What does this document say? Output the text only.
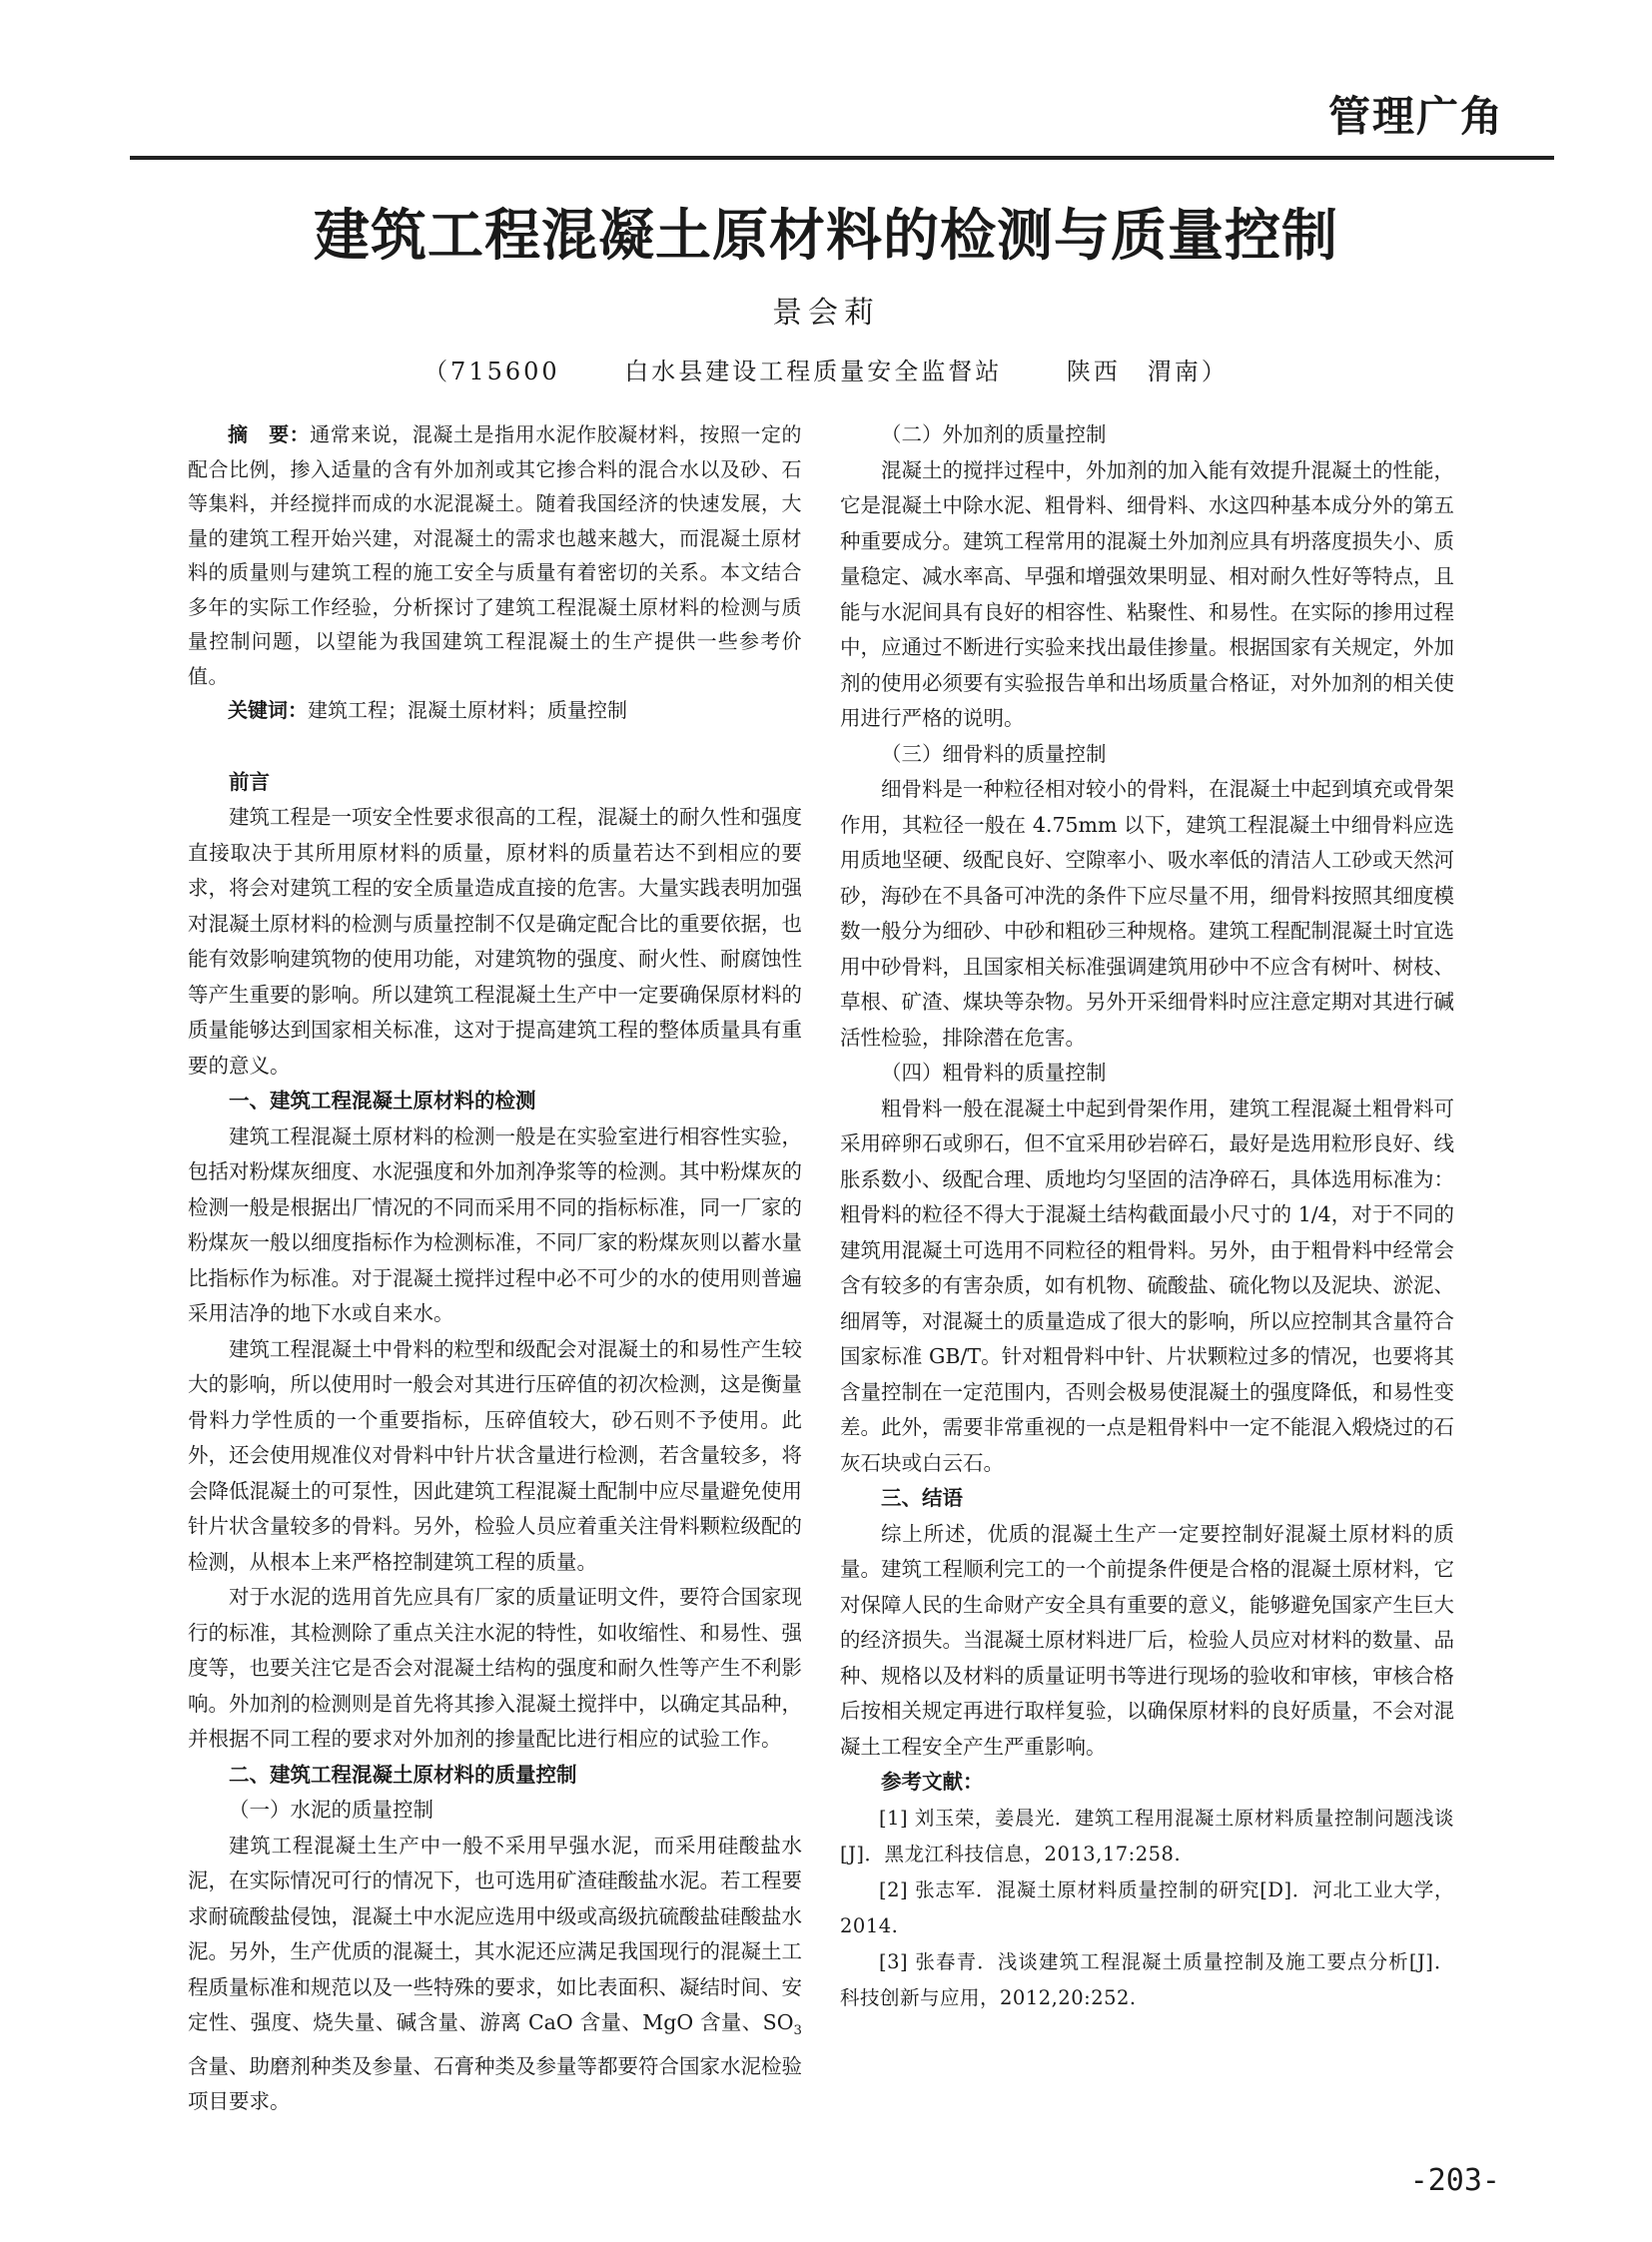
管理广角
建筑工程混凝土原材料的检测与质量控制
景会莉
（715600　　 白水县建设工程质量安全监督站　　 陕西　渭南）

摘　要：通常来说，混凝土是指用水泥作胶凝材料，按照一定的配合比例，掺入适量的含有外加剂或其它掺合料的混合水以及砂、石等集料，并经搅拌而成的水泥混凝土。随着我国经济的快速发展，大量的建筑工程开始兴建，对混凝土的需求也越来越大，而混凝土原材料的质量则与建筑工程的施工安全与质量有着密切的关系。本文结合多年的实际工作经验，分析探讨了建筑工程混凝土原材料的检测与质量控制问题，以望能为我国建筑工程混凝土的生产提供一些参考价值。

关键词：建筑工程；混凝土原材料；质量控制

前言

建筑工程是一项安全性要求很高的工程，混凝土的耐久性和强度直接取决于其所用原材料的质量，原材料的质量若达不到相应的要求，将会对建筑工程的安全质量造成直接的危害。大量实践表明加强对混凝土原材料的检测与质量控制不仅是确定配合比的重要依据，也能有效影响建筑物的使用功能，对建筑物的强度、耐火性、耐腐蚀性等产生重要的影响。所以建筑工程混凝土生产中一定要确保原材料的质量能够达到国家相关标准，这对于提高建筑工程的整体质量具有重要的意义。

一、建筑工程混凝土原材料的检测

建筑工程混凝土原材料的检测一般是在实验室进行相容性实验，包括对粉煤灰细度、水泥强度和外加剂净浆等的检测。其中粉煤灰的检测一般是根据出厂情况的不同而采用不同的指标标准，同一厂家的粉煤灰一般以细度指标作为检测标准，不同厂家的粉煤灰则以蓄水量比指标作为标准。对于混凝土搅拌过程中必不可少的水的使用则普遍采用洁净的地下水或自来水。

建筑工程混凝土中骨料的粒型和级配会对混凝土的和易性产生较大的影响，所以使用时一般会对其进行压碎值的初次检测，这是衡量骨料力学性质的一个重要指标，压碎值较大，砂石则不予使用。此外，还会使用规准仪对骨料中针片状含量进行检测，若含量较多，将会降低混凝土的可泵性，因此建筑工程混凝土配制中应尽量避免使用针片状含量较多的骨料。另外，检验人员应着重关注骨料颗粒级配的检测，从根本上来严格控制建筑工程的质量。

对于水泥的选用首先应具有厂家的质量证明文件，要符合国家现行的标准，其检测除了重点关注水泥的特性，如收缩性、和易性、强度等，也要关注它是否会对混凝土结构的强度和耐久性等产生不利影响。外加剂的检测则是首先将其掺入混凝土搅拌中，以确定其品种，并根据不同工程的要求对外加剂的掺量配比进行相应的试验工作。

二、建筑工程混凝土原材料的质量控制

（一）水泥的质量控制

建筑工程混凝土生产中一般不采用早强水泥，而采用硅酸盐水泥，在实际情况可行的情况下，也可选用矿渣硅酸盐水泥。若工程要求耐硫酸盐侵蚀，混凝土中水泥应选用中级或高级抗硫酸盐硅酸盐水泥。另外，生产优质的混凝土，其水泥还应满足我国现行的混凝土工程质量标准和规范以及一些特殊的要求，如比表面积、凝结时间、安定性、强度、烧失量、碱含量、游离 CaO 含量、MgO 含量、$SO_3$ 含量、助磨剂种类及参量、石膏种类及参量等都要符合国家水泥检验项目要求。

（二）外加剂的质量控制

混凝土的搅拌过程中，外加剂的加入能有效提升混凝土的性能，它是混凝土中除水泥、粗骨料、细骨料、水这四种基本成分外的第五种重要成分。建筑工程常用的混凝土外加剂应具有坍落度损失小、质量稳定、减水率高、早强和增强效果明显、相对耐久性好等特点，且能与水泥间具有良好的相容性、粘聚性、和易性。在实际的掺用过程中，应通过不断进行实验来找出最佳掺量。根据国家有关规定，外加剂的使用必须要有实验报告单和出场质量合格证，对外加剂的相关使用进行严格的说明。

（三）细骨料的质量控制

细骨料是一种粒径相对较小的骨料，在混凝土中起到填充或骨架作用，其粒径一般在 4.75mm 以下，建筑工程混凝土中细骨料应选用质地坚硬、级配良好、空隙率小、吸水率低的清洁人工砂或天然河砂，海砂在不具备可冲洗的条件下应尽量不用，细骨料按照其细度模数一般分为细砂、中砂和粗砂三种规格。建筑工程配制混凝土时宜选用中砂骨料，且国家相关标准强调建筑用砂中不应含有树叶、树枝、草根、矿渣、煤块等杂物。另外开采细骨料时应注意定期对其进行碱活性检验，排除潜在危害。

（四）粗骨料的质量控制

粗骨料一般在混凝土中起到骨架作用，建筑工程混凝土粗骨料可采用碎卵石或卵石，但不宜采用砂岩碎石，最好是选用粒形良好、线胀系数小、级配合理、质地均匀坚固的洁净碎石，具体选用标准为：粗骨料的粒径不得大于混凝土结构截面最小尺寸的 1/4，对于不同的建筑用混凝土可选用不同粒径的粗骨料。另外，由于粗骨料中经常会含有较多的有害杂质，如有机物、硫酸盐、硫化物以及泥块、淤泥、细屑等，对混凝土的质量造成了很大的影响，所以应控制其含量符合国家标准 GB/T。针对粗骨料中针、片状颗粒过多的情况，也要将其含量控制在一定范围内，否则会极易使混凝土的强度降低，和易性变差。此外，需要非常重视的一点是粗骨料中一定不能混入煅烧过的石灰石块或白云石。

三、结语

综上所述，优质的混凝土生产一定要控制好混凝土原材料的质量。建筑工程顺利完工的一个前提条件便是合格的混凝土原材料，它对保障人民的生命财产安全具有重要的意义，能够避免国家产生巨大的经济损失。当混凝土原材料进厂后，检验人员应对材料的数量、品种、规格以及材料的质量证明书等进行现场的验收和审核，审核合格后按相关规定再进行取样复验，以确保原材料的良好质量，不会对混凝土工程安全产生严重影响。

参考文献：

[1] 刘玉荣，姜晨光．建筑工程用混凝土原材料质量控制问题浅谈[J]．黑龙江科技信息，2013,17:258.

[2] 张志军．混凝土原材料质量控制的研究[D]．河北工业大学，2014.

[3] 张春青．浅谈建筑工程混凝土质量控制及施工要点分析[J]．科技创新与应用，2012,20:252.

-203-
